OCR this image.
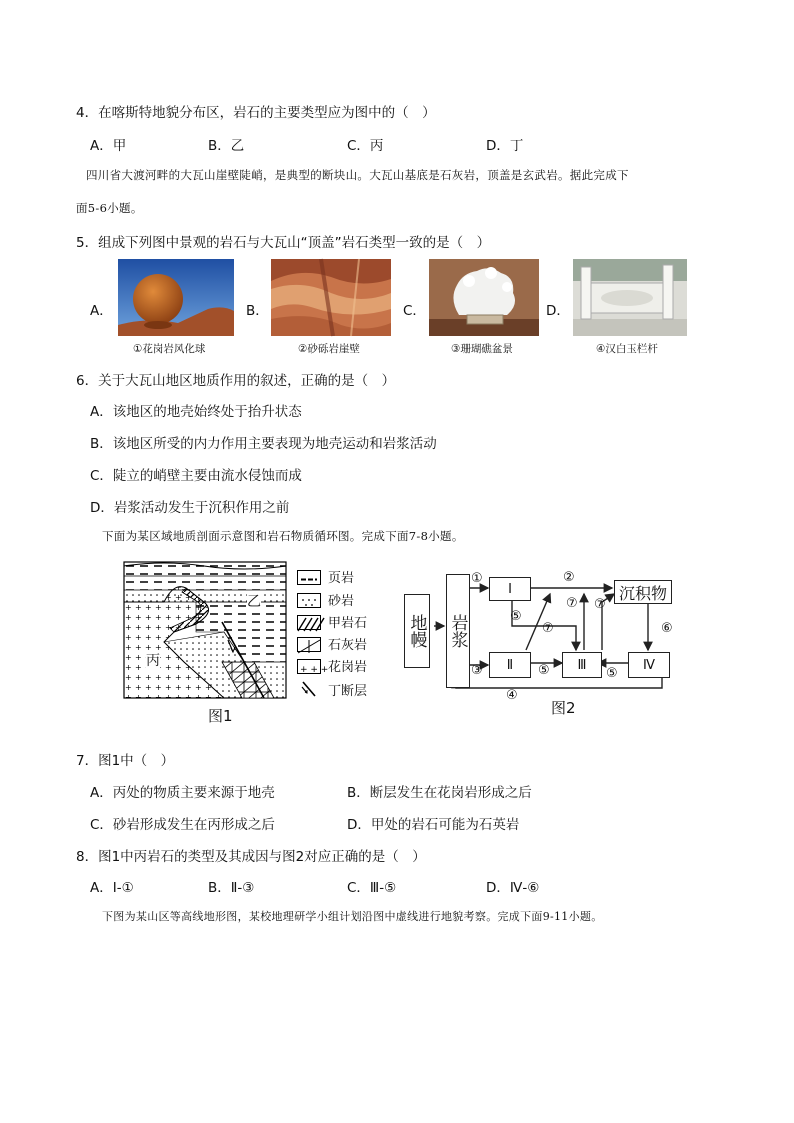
4．在喀斯特地貌分布区，岩石的主要类型应为图中的（　）
A．甲	B．乙	C．丙	D．丁
四川省大渡河畔的大瓦山崖壁陡峭，是典型的断块山。大瓦山基底是石灰岩，顶盖是玄武岩。据此完成下
面5-6小题。
5．组成下列图中景观的岩石与大瓦山“顶盖”岩石类型一致的是（　）
A．
①花岗岩风化球
B．
②砂砾岩崖壁
C．
③珊瑚礁盆景
D．
④汉白玉栏杆
6．关于大瓦山地区地质作用的叙述，正确的是（　）
A．该地区的地壳始终处于抬升状态
B．该地区所受的内力作用主要表现为地壳运动和岩浆活动
C．陡立的峭壁主要由流水侵蚀而成
D．岩浆活动发生于沉积作用之前
下面为某区域地质剖面示意图和岩石物质循环图。完成下面7-8小题。
乙
丙
图1
页岩
砂岩
甲岩石
石灰岩
+ + + 花岗岩
丁断层
地幔 岩浆
Ⅰ
Ⅱ	Ⅲ	Ⅳ
沉积物
①	②
③
④
⑤
⑤	⑤
⑥
⑦
⑦ ⑦
图2
7．图1中（　）
A．丙处的物质主要来源于地壳	B．断层发生在花岗岩形成之后
C．砂岩形成发生在丙形成之后	D．甲处的岩石可能为石英岩
8．图1中丙岩石的类型及其成因与图2对应正确的是（　）
A．I-①	B．Ⅱ-③	C．Ⅲ-⑤	D．Ⅳ-⑥
下图为某山区等高线地形图，某校地理研学小组计划沿图中虚线进行地貌考察。完成下面9-11小题。
